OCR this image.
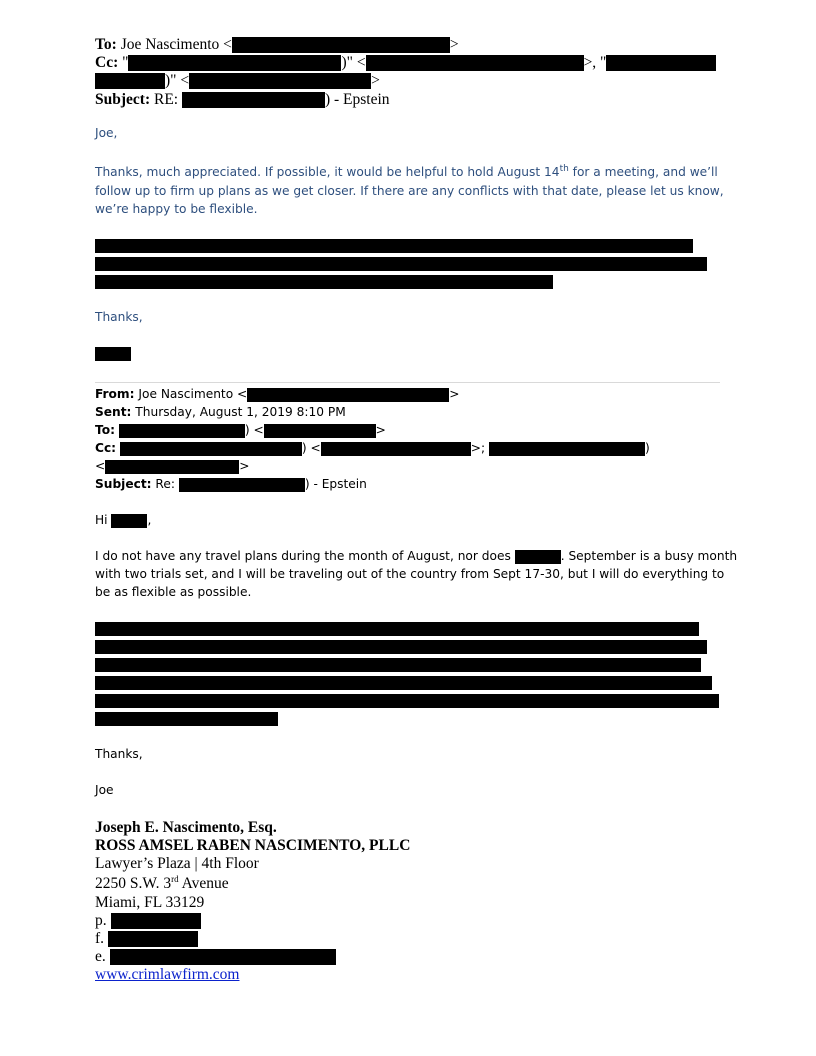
To: Joe Nascimento <	>
Cc: "	)" <	>, "
)" <	>
Subject: RE:	) - Epstein
Joe,
Thanks, much appreciated. If possible, it would be helpful to hold August 14th for a meeting, and we’ll
follow up to firm up plans as we get closer. If there are any conflicts with that date, please let us know,
we’re happy to be flexible.
Thanks,
From: Joe Nascimento <	>
Sent: Thursday, August 1, 2019 8:10 PM
To:	) <	>
Cc:	) <	>;	)
<	>
Subject: Re:	) - Epstein
Hi	,
I do not have any travel plans during the month of August, nor does	. September is a busy month
with two trials set, and I will be traveling out of the country from Sept 17-30, but I will do everything to
be as flexible as possible.
Thanks,
Joe
Joseph E. Nascimento, Esq.
ROSS AMSEL RABEN NASCIMENTO, PLLC
Lawyer’s Plaza | 4th Floor
2250 S.W. 3rd Avenue
Miami, FL 33129
p.
f.
e.
www.crimlawfirm.com
